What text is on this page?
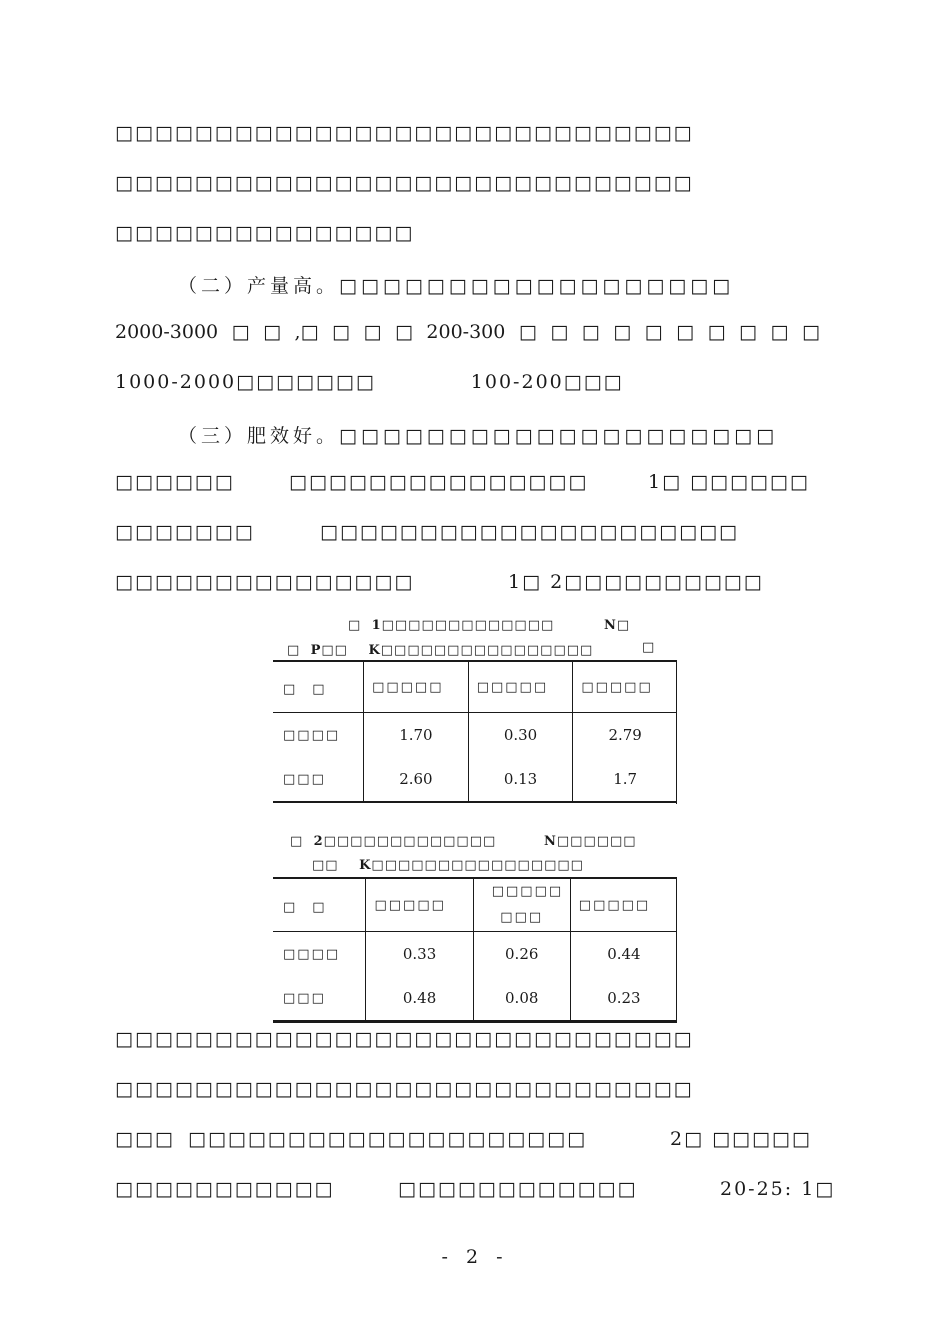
□□□□□□□□□□□□□□□□□□□□□□□□□□□□□
□□□□□□□□□□□□□□□□□□□□□□□□□□□□□
□□□□□□□□□□□□□□□
（二）产量高。□□□□□□□□□□□□□□□□□□
2000-3000 □ □ ,□ □ □ □ 200-300 □ □ □ □ □ □ □ □ □ □
1000-2000□□□□□□□	100-200□□□
（三）肥效好。□□□□□□□□□□□□□□□□□□□□
□□□□□□	□□□□□□□□□□□□□□□	1□ □□□□□□
□□□□□□□	□□□□□□□□□□□□□□□□□□□□□
□□□□□□□□□□□□□□□	1□ 2□□□□□□□□□□
□ 1□□□□□□□□□□□□□	N□
□ P□□ K□□□□□□□□□□□□□□□□	□
□　□	□□□□□	□□□□□	□□□□□
□□□□	1.70	0.30	2.79
□□□	2.60	0.13	1.7
□ 2□□□□□□□□□□□□□	N□□□□□□
□□ K□□□□□□□□□□□□□□□□
□　□	□□□□□	□□□□□ □□□	□□□□□
□□□□	0.33	0.26	0.44
□□□	0.48	0.08	0.23
□□□□□□□□□□□□□□□□□□□□□□□□□□□□□
□□□□□□□□□□□□□□□□□□□□□□□□□□□□□
□□□ □□□□□□□□□□□□□□□□□□□□	2□ □□□□□
□□□□□□□□□□□	□□□□□□□□□□□□	20-25: 1□
- 2 -
